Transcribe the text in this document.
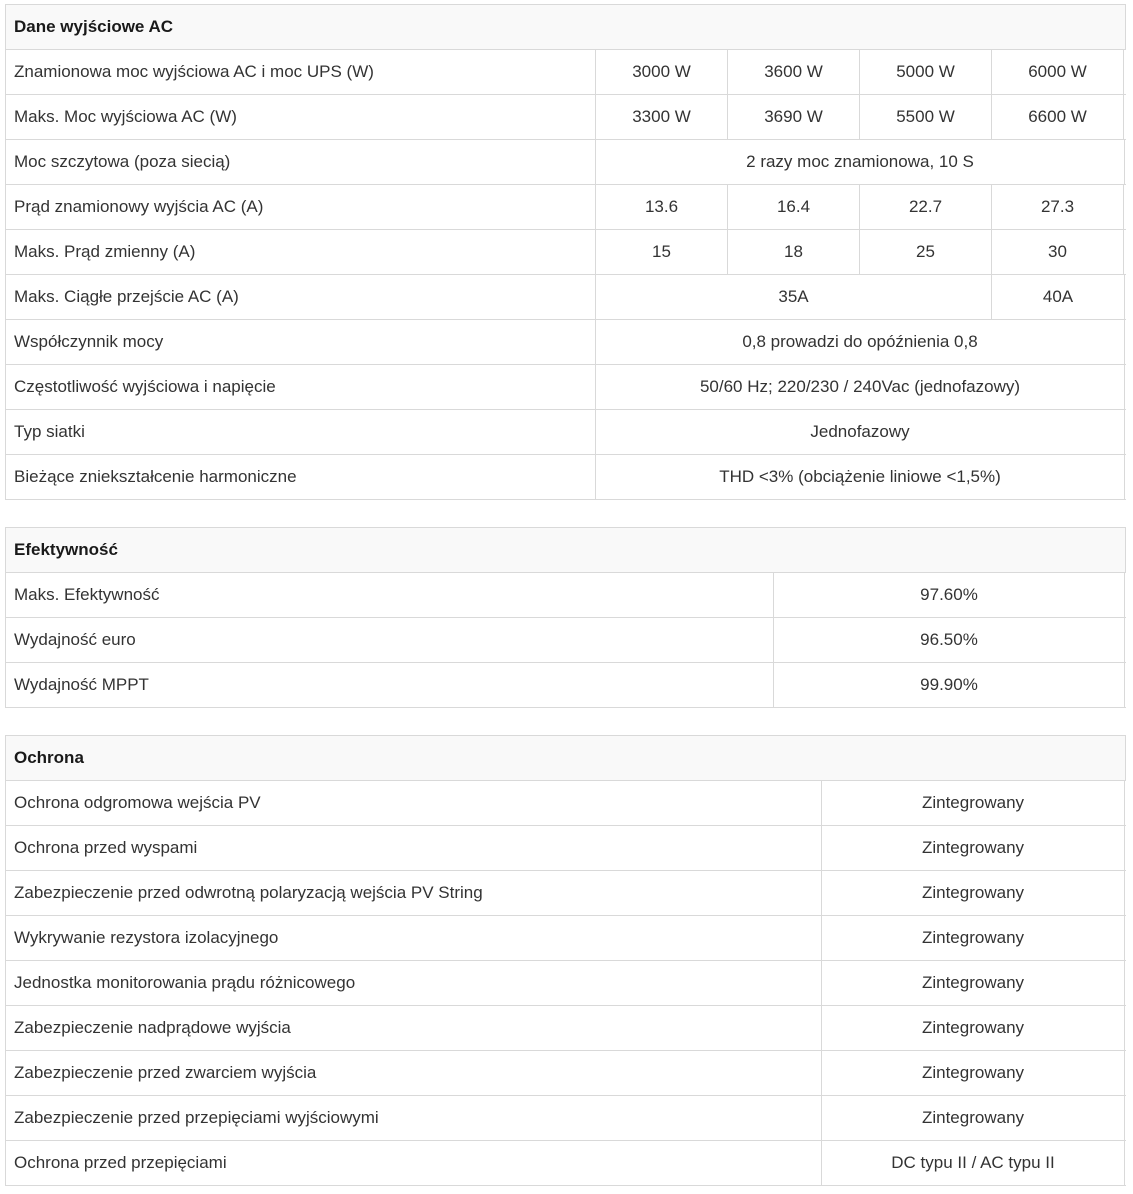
Dane wyjściowe AC
Znamionowa moc wyjściowa AC i moc UPS (W)	3000 W	3600 W	5000 W	6000 W
Maks. Moc wyjściowa AC (W)	3300 W	3690 W	5500 W	6600 W
Moc szczytowa (poza siecią)	2 razy moc znamionowa, 10 S
Prąd znamionowy wyjścia AC (A)	13.6	16.4	22.7	27.3
Maks. Prąd zmienny (A)	15	18	25	30
Maks. Ciągłe przejście AC (A)	35A	40A
Współczynnik mocy	0,8 prowadzi do opóźnienia 0,8
Częstotliwość wyjściowa i napięcie	50/60 Hz; 220/230 / 240Vac (jednofazowy)
Typ siatki	Jednofazowy
Bieżące zniekształcenie harmoniczne	THD <3% (obciążenie liniowe <1,5%)
Efektywność
Maks. Efektywność	97.60%
Wydajność euro	96.50%
Wydajność MPPT	99.90%
Ochrona
Ochrona odgromowa wejścia PV	Zintegrowany
Ochrona przed wyspami	Zintegrowany
Zabezpieczenie przed odwrotną polaryzacją wejścia PV String	Zintegrowany
Wykrywanie rezystora izolacyjnego	Zintegrowany
Jednostka monitorowania prądu różnicowego	Zintegrowany
Zabezpieczenie nadprądowe wyjścia	Zintegrowany
Zabezpieczenie przed zwarciem wyjścia	Zintegrowany
Zabezpieczenie przed przepięciami wyjściowymi	Zintegrowany
Ochrona przed przepięciami	DC typu II / AC typu II
